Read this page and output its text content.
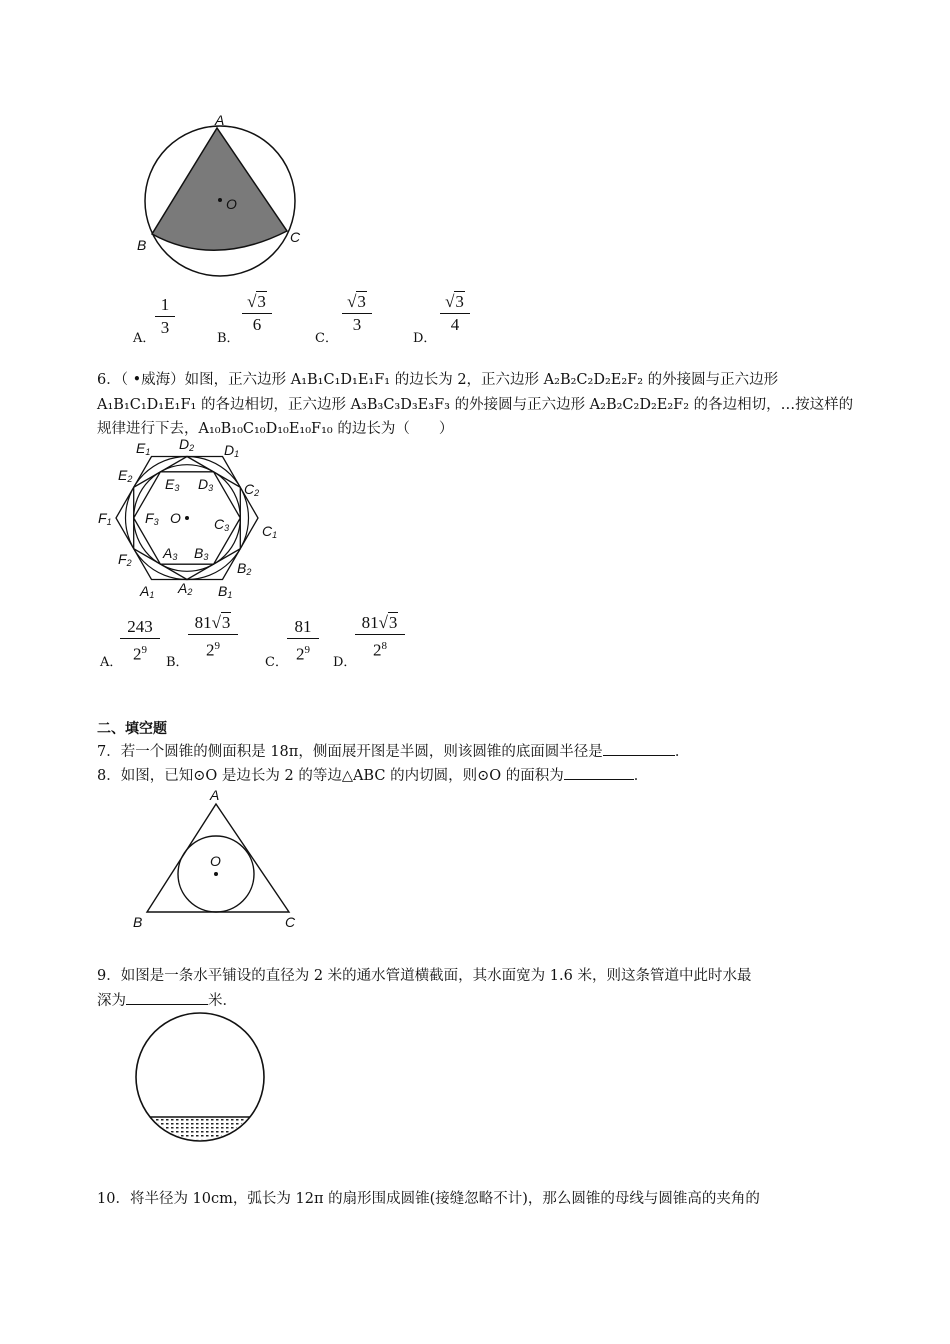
A
O
B	C
A．
1
3
B．
√3
6
C．
√3
3
D．
√3
4
6．（ •威海）如图，正六边形 A₁B₁C₁D₁E₁F₁ 的边长为 2，正六边形 A₂B₂C₂D₂E₂F₂ 的外接圆与正六边形
A₁B₁C₁D₁E₁F₁ 的各边相切，正六边形 A₃B₃C₃D₃E₃F₃ 的外接圆与正六边形 A₂B₂C₂D₂E₂F₂ 的各边相切，…按这样的
规律进行下去，A₁₀B₁₀C₁₀D₁₀E₁₀F₁₀ 的边长为（　　）
$E_1$ $D_2$ $D_1$
$E_2$ $E_3$ $D_3$ $C_2$
$F_1$ $F_3$ O $C_3$ $C_1$
$F_2$
$A_3$ $B_3$
$B_2$
$A_1$ $A_2$ $B_1$
A．
243
$2^9$
B．
81√3
$2^9$
C．
81
$2^9$
D．
81√3
$2^8$
二、填空题
7．若一个圆锥的侧面积是 18π，侧面展开图是半圆，则该圆锥的底面圆半径是	．
8．如图，已知⊙O 是边长为 2 的等边△ABC 的内切圆，则⊙O 的面积为	．
A
O
B	C
9．如图是一条水平铺设的直径为 2 米的通水管道横截面，其水面宽为 1.6 米，则这条管道中此时水最
深为	米．
10．将半径为 10cm，弧长为 12π 的扇形围成圆锥(接缝忽略不计)，那么圆锥的母线与圆锥高的夹角的
